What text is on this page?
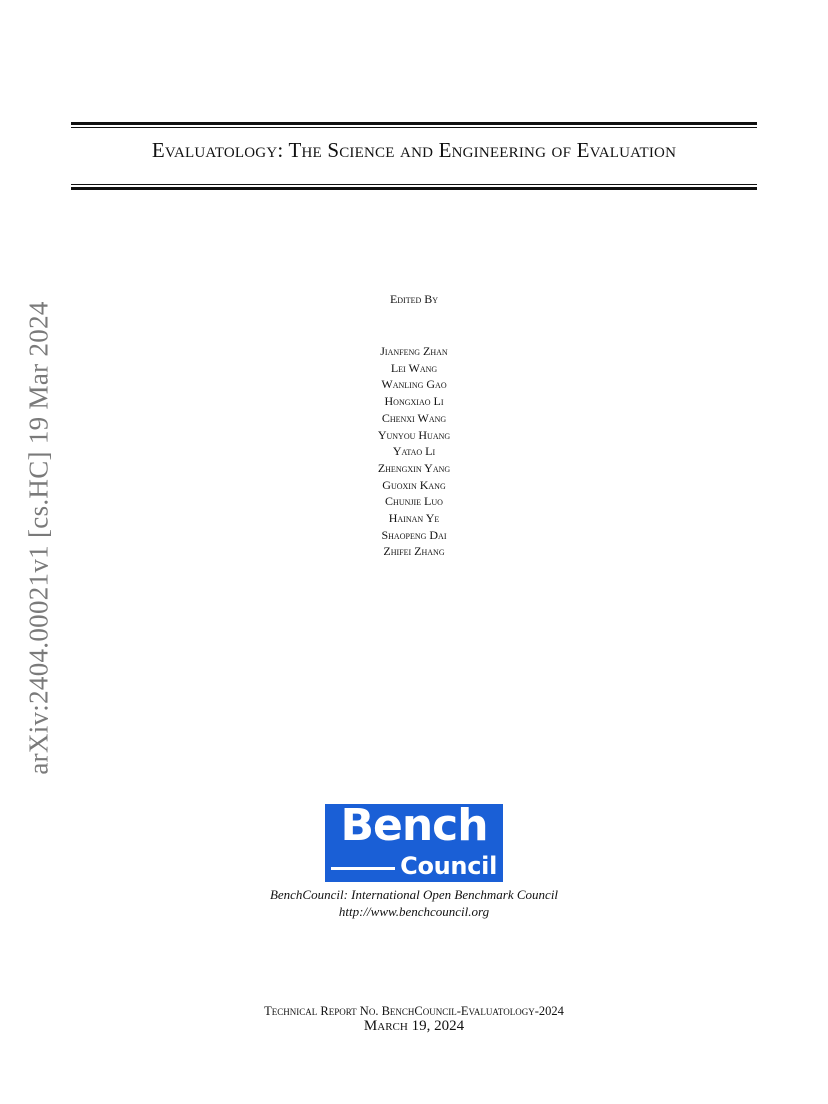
arXiv:2404.00021v1 [cs.HC] 19 Mar 2024
Evaluatology: The Science and Engineering of Evaluation
Edited By
Jianfeng Zhan
Lei Wang
Wanling Gao
Hongxiao Li
Chenxi Wang
Yunyou Huang
Yatao Li
Zhengxin Yang
Guoxin Kang
Chunjie Luo
Hainan Ye
Shaopeng Dai
Zhifei Zhang
Bench
Council
BenchCouncil: International Open Benchmark Council
http://www.benchcouncil.org
Technical Report No. BenchCouncil-Evaluatology-2024
March 19, 2024
